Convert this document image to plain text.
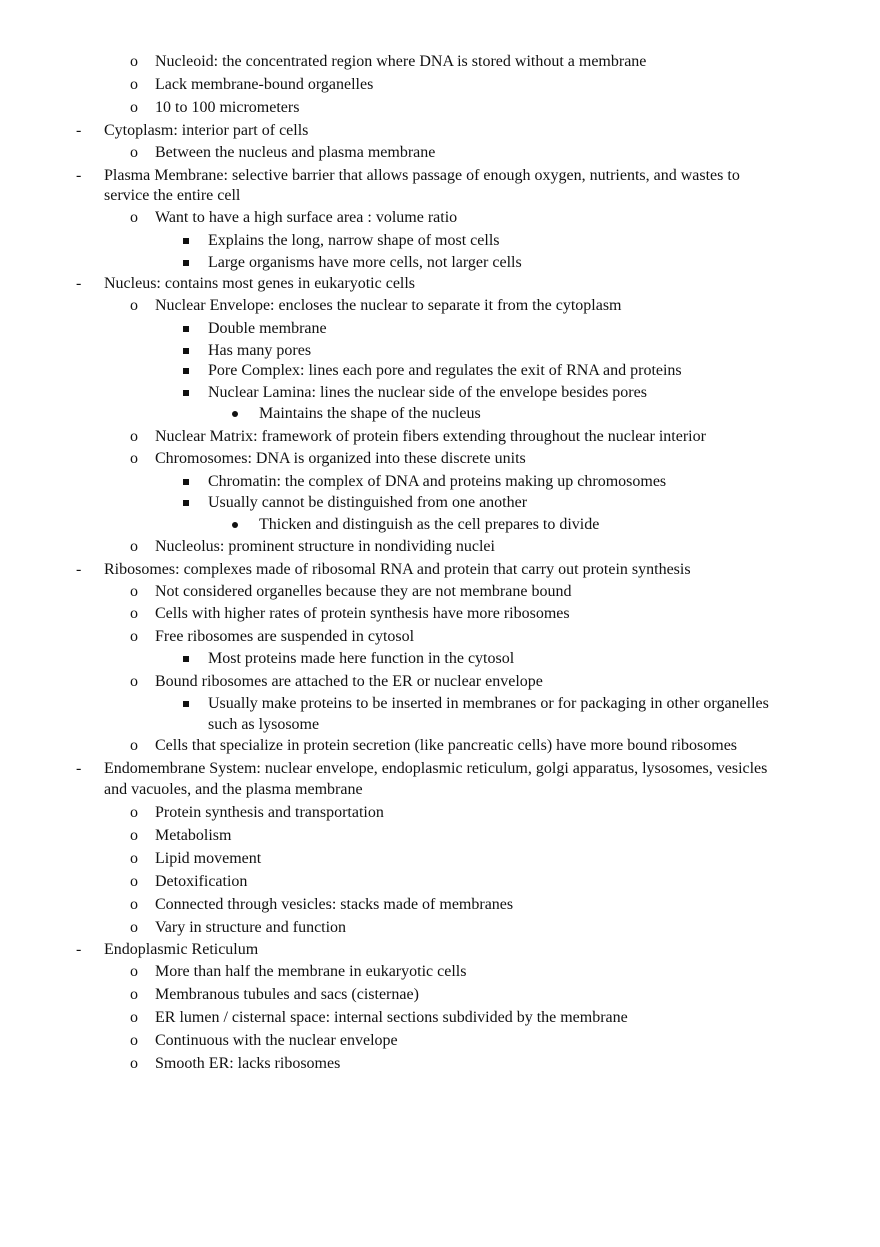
o Nucleoid: the concentrated region where DNA is stored without a membrane
o Lack membrane-bound organelles
o 10 to 100 micrometers
- Cytoplasm: interior part of cells
o Between the nucleus and plasma membrane
- Plasma Membrane: selective barrier that allows passage of enough oxygen, nutrients, and wastes to
service the entire cell
o Want to have a high surface area : volume ratio
Explains the long, narrow shape of most cells
Large organisms have more cells, not larger cells
- Nucleus: contains most genes in eukaryotic cells
o Nuclear Envelope: encloses the nuclear to separate it from the cytoplasm
Double membrane
Has many pores
Pore Complex: lines each pore and regulates the exit of RNA and proteins
Nuclear Lamina: lines the nuclear side of the envelope besides pores
Maintains the shape of the nucleus
o Nuclear Matrix: framework of protein fibers extending throughout the nuclear interior
o Chromosomes: DNA is organized into these discrete units
Chromatin: the complex of DNA and proteins making up chromosomes
Usually cannot be distinguished from one another
Thicken and distinguish as the cell prepares to divide
o Nucleolus: prominent structure in nondividing nuclei
- Ribosomes: complexes made of ribosomal RNA and protein that carry out protein synthesis
o Not considered organelles because they are not membrane bound
o Cells with higher rates of protein synthesis have more ribosomes
o Free ribosomes are suspended in cytosol
Most proteins made here function in the cytosol
o Bound ribosomes are attached to the ER or nuclear envelope
Usually make proteins to be inserted in membranes or for packaging in other organelles
such as lysosome
o Cells that specialize in protein secretion (like pancreatic cells) have more bound ribosomes
- Endomembrane System: nuclear envelope, endoplasmic reticulum, golgi apparatus, lysosomes, vesicles
and vacuoles, and the plasma membrane
o Protein synthesis and transportation
o Metabolism
o Lipid movement
o Detoxification
o Connected through vesicles: stacks made of membranes
o Vary in structure and function
- Endoplasmic Reticulum
o More than half the membrane in eukaryotic cells
o Membranous tubules and sacs (cisternae)
o ER lumen / cisternal space: internal sections subdivided by the membrane
o Continuous with the nuclear envelope
o Smooth ER: lacks ribosomes
